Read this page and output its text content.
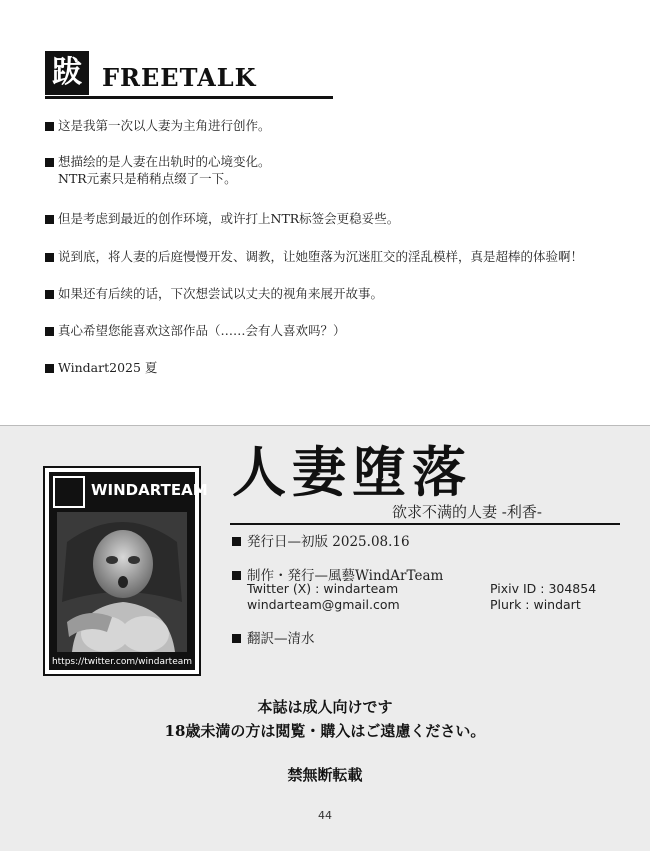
跋 FREETALK
这是我第一次以人妻为主角进行创作。
想描绘的是人妻在出轨时的心境变化。
NTR元素只是稍稍点缀了一下。
但是考虑到最近的创作环境，或许打上NTR标签会更稳妥些。
说到底，将人妻的后庭慢慢开发、调教，让她堕落为沉迷肛交的淫乱模样，真是超棒的体验啊！
如果还有后续的话，下次想尝试以丈夫的视角来展开故事。
真心希望您能喜欢这部作品（……会有人喜欢吗？）
Windart2025 夏
WINDARTEAM
https://twitter.com/windarteam
人妻堕落
欲求不满的人妻 -利香-
発行日—初版 2025.08.16
制作・発行—風藝WindArTeam
Twitter (X) : windarteam	Pixiv ID : 304854
windarteam@gmail.com	Plurk : windart
翻訳—清水
本誌は成人向けです
18歳未満の方は閲覧・購入はご遠慮ください。
禁無断転載
44
